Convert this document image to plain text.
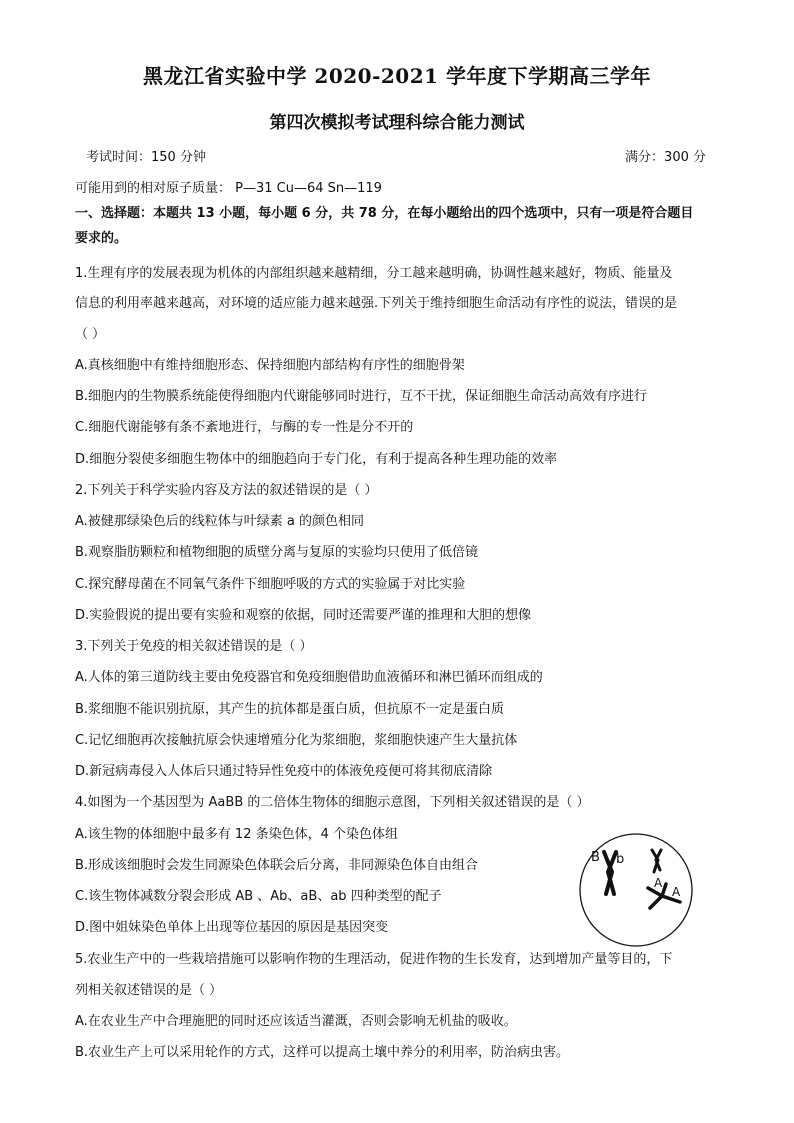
黑龙江省实验中学 2020-2021 学年度下学期高三学年
第四次模拟考试理科综合能力测试
考试时间：150 分钟	满分：300 分
可能用到的相对原子质量： P—31 Cu—64 Sn—119
一、选择题：本题共 13 小题，每小题 6 分，共 78 分，在每小题给出的四个选项中，只有一项是符合题目
要求的。
1.生理有序的发展表现为机体的内部组织越来越精细，分工越来越明确，协调性越来越好，物质、能量及
信息的利用率越来越高，对环境的适应能力越来越强.下列关于维持细胞生命活动有序性的说法，错误的是
（ ）
A.真核细胞中有维持细胞形态、保持细胞内部结构有序性的细胞骨架
B.细胞内的生物膜系统能使得细胞内代谢能够同时进行，互不干扰，保证细胞生命活动高效有序进行
C.细胞代谢能够有条不紊地进行，与酶的专一性是分不开的
D.细胞分裂使多细胞生物体中的细胞趋向于专门化，有利于提高各种生理功能的效率
2.下列关于科学实验内容及方法的叙述错误的是（ ）
A.被健那绿染色后的线粒体与叶绿素 a 的颜色相同
B.观察脂肪颗粒和植物细胞的质壁分离与复原的实验均只使用了低倍镜
C.探究酵母菌在不同氧气条件下细胞呼吸的方式的实验属于对比实验
D.实验假说的提出要有实验和观察的依据，同时还需要严谨的推理和大胆的想像
3.下列关于免疫的相关叙述错误的是（ ）
A.人体的第三道防线主要由免疫器官和免疫细胞借助血液循环和淋巴循环而组成的
B.浆细胞不能识别抗原，其产生的抗体都是蛋白质，但抗原不一定是蛋白质
C.记忆细胞再次接触抗原会快速增殖分化为浆细胞，浆细胞快速产生大量抗体
D.新冠病毒侵入人体后只通过特异性免疫中的体液免疫便可将其彻底清除
4.如图为一个基因型为 AaBB 的二倍体生物体的细胞示意图，下列相关叙述错误的是（ ）
A.该生物的体细胞中最多有 12 条染色体，4 个染色体组
B.形成该细胞时会发生同源染色体联会后分离，非同源染色体自由组合
C.该生物体减数分裂会形成 AB 、Ab、aB、ab 四种类型的配子
D.图中姐妹染色单体上出现等位基因的原因是基因突变
B b
A
A
5.农业生产中的一些栽培措施可以影响作物的生理活动，促进作物的生长发育，达到增加产量等目的，下
列相关叙述错误的是（ ）
A.在农业生产中合理施肥的同时还应该适当灌溉，否则会影响无机盐的吸收。
B.农业生产上可以采用轮作的方式，这样可以提高土壤中养分的利用率，防治病虫害。
